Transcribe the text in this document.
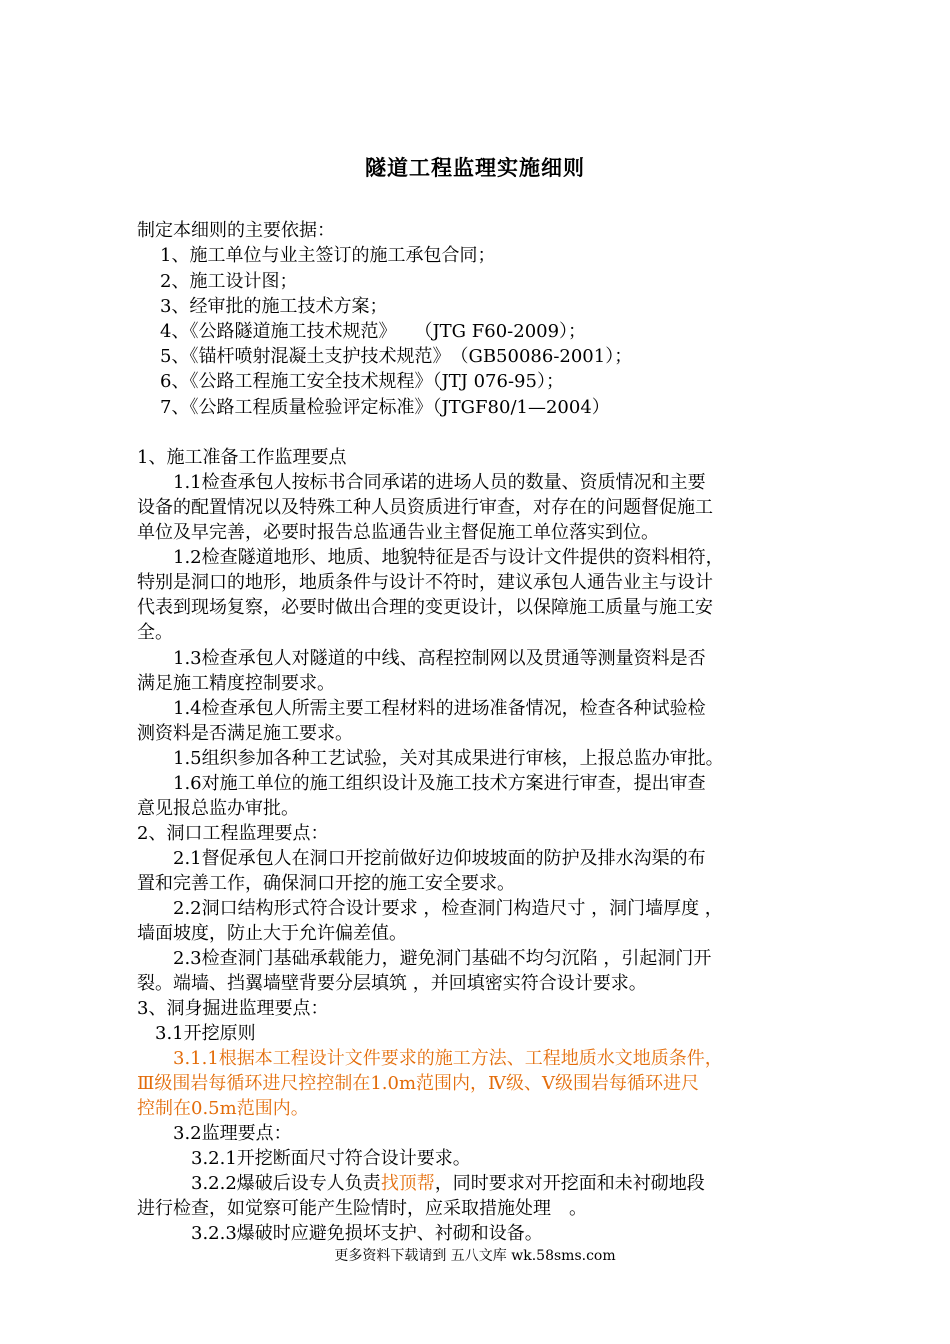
隧道工程监理实施细则
制定本细则的主要依据：
1、施工单位与业主签订的施工承包合同；
2、施工设计图；
3、经审批的施工技术方案；
4、《公路隧道施工技术规范》　　（JTG F60-2009）；
5、《锚杆喷射混凝土支护技术规范》　（GB50086-2001）；
6、《公路工程施工安全技术规程》（JTJ 076-95）；
7、《公路工程质量检验评定标准》（JTGF80/1—2004）
1、施工准备工作监理要点
　　1.1检查承包人按标书合同承诺的进场人员的数量、资质情况和主要
设备的配置情况以及特殊工种人员资质进行审查，对存在的问题督促施工
单位及早完善，必要时报告总监通告业主督促施工单位落实到位。
　　1.2检查隧道地形、地质、地貌特征是否与设计文件提供的资料相符，
特别是洞口的地形，地质条件与设计不符时，建议承包人通告业主与设计
代表到现场复察，必要时做出合理的变更设计，以保障施工质量与施工安
全。
　　1.3检查承包人对隧道的中线、高程控制网以及贯通等测量资料是否
满足施工精度控制要求。
　　1.4检查承包人所需主要工程材料的进场准备情况，检查各种试验检
测资料是否满足施工要求。
　　1.5组织参加各种工艺试验，关对其成果进行审核，上报总监办审批。
　　1.6对施工单位的施工组织设计及施工技术方案进行审查，提出审查
意见报总监办审批。
2、洞口工程监理要点：
　　2.1督促承包人在洞口开挖前做好边仰坡坡面的防护及排水沟渠的布
置和完善工作，确保洞口开挖的施工安全要求。
　　2.2洞口结构形式符合设计要求 ，检查洞门构造尺寸 ，洞门墙厚度 ，
墙面坡度，防止大于允许偏差值。
　　2.3检查洞门基础承载能力，避免洞门基础不均匀沉陷 ，引起洞门开
裂。端墙、挡翼墙壁背要分层填筑 ，并回填密实符合设计要求。
3、洞身掘进监理要点：
　3.1开挖原则
　　3.1.1根据本工程设计文件要求的施工方法、工程地质水文地质条件，
Ⅲ级围岩每循环进尺控控制在1.0m范围内，Ⅳ级、Ⅴ级围岩每循环进尺
控制在0.5m范围内。
　　3.2监理要点：
　　　3.2.1开挖断面尺寸符合设计要求。
　　　3.2.2爆破后设专人负责找顶帮，同时要求对开挖面和未衬砌地段
进行检查，如觉察可能产生险情时，应采取措施处理　。
　　　3.2.3爆破时应避免损坏支护、衬砌和设备。
更多资料下载请到 五八文库 wk.58sms.com
